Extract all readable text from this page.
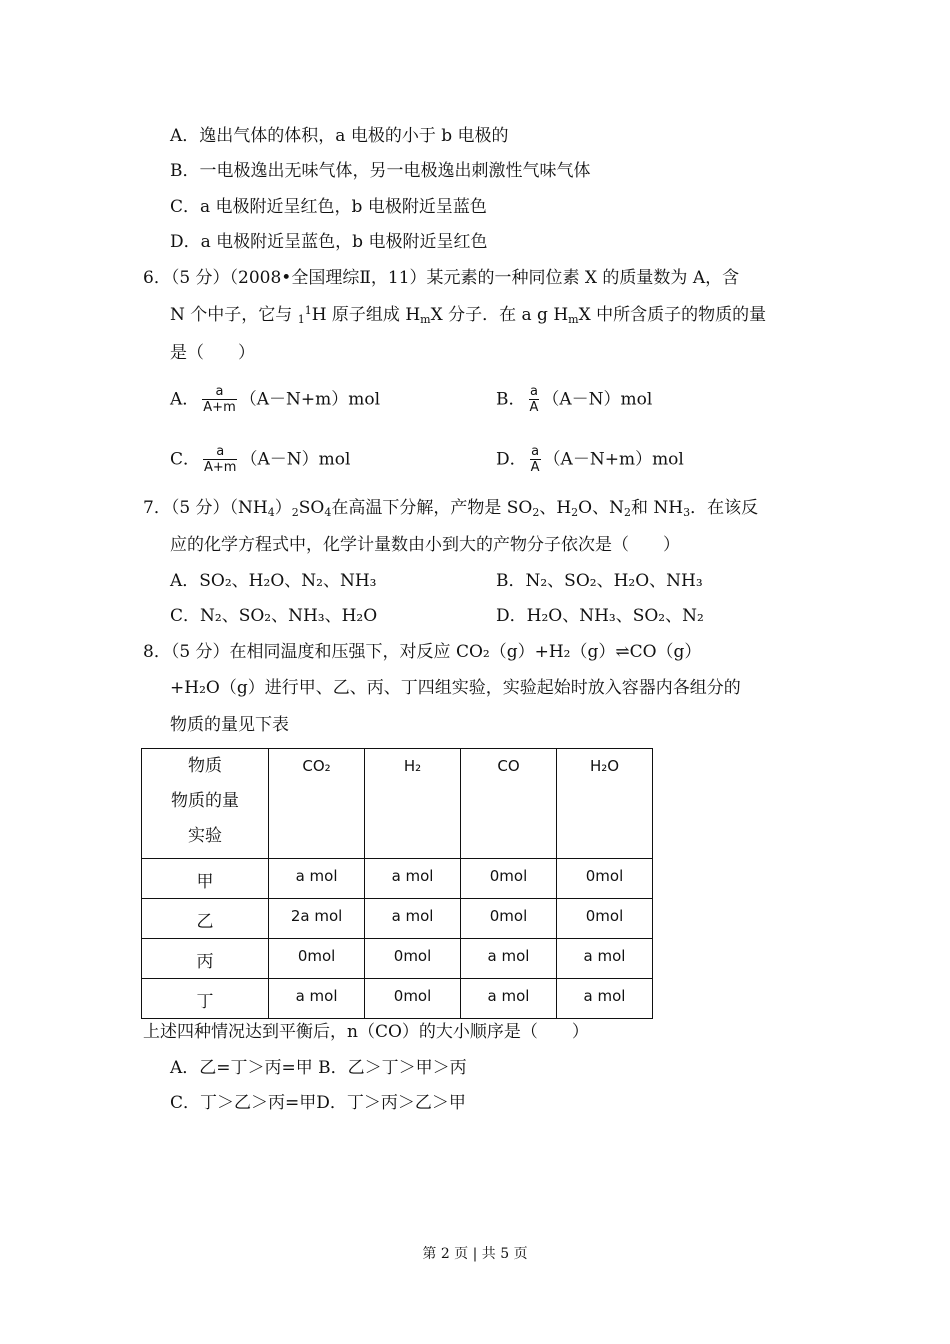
A．逸出气体的体积，a 电极的小于 b 电极的
B．一电极逸出无味气体，另一电极逸出刺激性气味气体
C．a 电极附近呈红色，b 电极附近呈蓝色
D．a 电极附近呈蓝色，b 电极附近呈红色
6．（5 分）（2008•全国理综Ⅱ，11）某元素的一种同位素 X 的质量数为 A，含
N 个中子，它与 $_1^1$H 原子组成 $H_mX$ 分子．在 a g $H_mX$ 中所含质子的物质的量
是（　　）
A． $\frac{a}{A+m} (A-N+m)mol$	B． $\frac{a}{A} (A-N)mol$
C． $\frac{a}{A+m} (A-N)mol$	D． $\frac{a}{A} (A-N+m)mol$
7．（5 分）$(NH_4)_2SO_4$在高温下分解，产物是 $SO_2$、$H_2O$、$N_2$和 $NH_3$．在该反
应的化学方程式中，化学计量数由小到大的产物分子依次是（　　）
A．SO₂、H₂O、N₂、NH₃	B．N₂、SO₂、H₂O、NH₃
C．N₂、SO₂、NH₃、H₂O	D．H₂O、NH₃、SO₂、N₂
8．（5 分）在相同温度和压强下，对反应 CO₂（g）+H₂（g）⇌CO（g）
+H₂O（g）进行甲、乙、丙、丁四组实验，实验起始时放入容器内各组分的
物质的量见下表
物质
物质的量
实验	CO₂	H₂	CO	H₂O
甲	a mol	a mol	0mol	0mol
乙	2a mol	a mol	0mol	0mol
丙	0mol	0mol	a mol	a mol
丁	a mol	0mol	a mol	a mol
上述四种情况达到平衡后，n（CO）的大小顺序是（　　）
A．乙=丁＞丙=甲 B．乙＞丁＞甲＞丙
C．丁＞乙＞丙=甲D．丁＞丙＞乙＞甲
第 2 页 | 共 5 页
